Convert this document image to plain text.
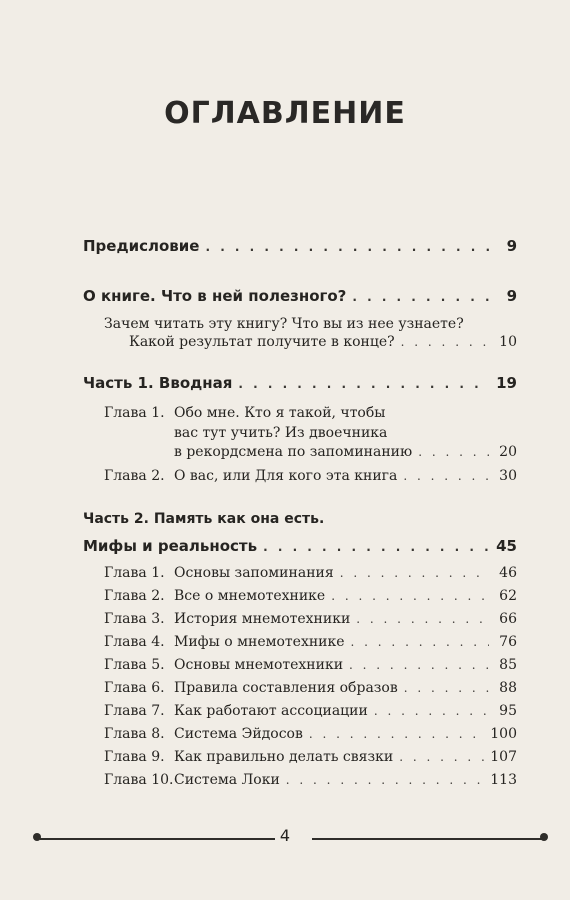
ОГЛАВЛЕНИЕ
Предисловие . . .	9
О книге. Что в ней полезного? . . .	9
Зачем читать эту книгу? Что вы из нее узнаете?
Какой результат получите в конце? . . .	10
Часть 1. Вводная . . .	19
Глава 1. Обо мне. Кто я такой, чтобы
вас тут учить? Из двоечника
в рекордсмена по запоминанию . . .	20
Глава 2. О вас, или Для кого эта книга . . .	30
Часть 2. Память как она есть.
Мифы и реальность . . .	45
Глава 1. Основы запоминания . . .	46
Глава 2. Все о мнемотехнике . . .	62
Глава 3. История мнемотехники . . .	66
Глава 4. Мифы о мнемотехнике . . .	76
Глава 5. Основы мнемотехники . . .	85
Глава 6. Правила составления образов . . .	88
Глава 7. Как работают ассоциации . . .	95
Глава 8. Система Эйдосов . . .	100
Глава 9. Как правильно делать связки . . .	107
Глава 10. Система Локи . . .	113
4
